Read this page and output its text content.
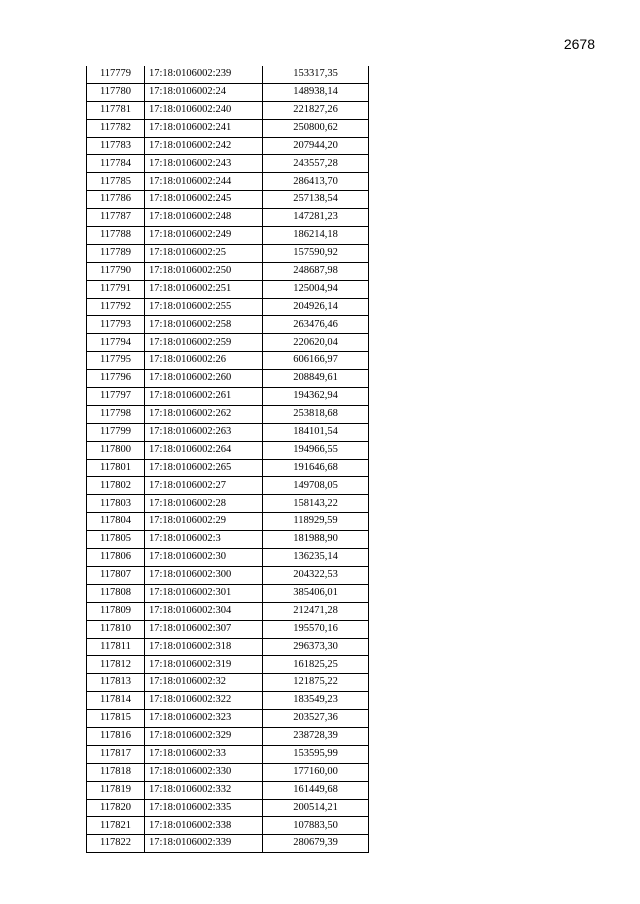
2678
117779	17:18:0106002:239	153317,35
117780	17:18:0106002:24	148938,14
117781	17:18:0106002:240	221827,26
117782	17:18:0106002:241	250800,62
117783	17:18:0106002:242	207944,20
117784	17:18:0106002:243	243557,28
117785	17:18:0106002:244	286413,70
117786	17:18:0106002:245	257138,54
117787	17:18:0106002:248	147281,23
117788	17:18:0106002:249	186214,18
117789	17:18:0106002:25	157590,92
117790	17:18:0106002:250	248687,98
117791	17:18:0106002:251	125004,94
117792	17:18:0106002:255	204926,14
117793	17:18:0106002:258	263476,46
117794	17:18:0106002:259	220620,04
117795	17:18:0106002:26	606166,97
117796	17:18:0106002:260	208849,61
117797	17:18:0106002:261	194362,94
117798	17:18:0106002:262	253818,68
117799	17:18:0106002:263	184101,54
117800	17:18:0106002:264	194966,55
117801	17:18:0106002:265	191646,68
117802	17:18:0106002:27	149708,05
117803	17:18:0106002:28	158143,22
117804	17:18:0106002:29	118929,59
117805	17:18:0106002:3	181988,90
117806	17:18:0106002:30	136235,14
117807	17:18:0106002:300	204322,53
117808	17:18:0106002:301	385406,01
117809	17:18:0106002:304	212471,28
117810	17:18:0106002:307	195570,16
117811	17:18:0106002:318	296373,30
117812	17:18:0106002:319	161825,25
117813	17:18:0106002:32	121875,22
117814	17:18:0106002:322	183549,23
117815	17:18:0106002:323	203527,36
117816	17:18:0106002:329	238728,39
117817	17:18:0106002:33	153595,99
117818	17:18:0106002:330	177160,00
117819	17:18:0106002:332	161449,68
117820	17:18:0106002:335	200514,21
117821	17:18:0106002:338	107883,50
117822	17:18:0106002:339	280679,39
